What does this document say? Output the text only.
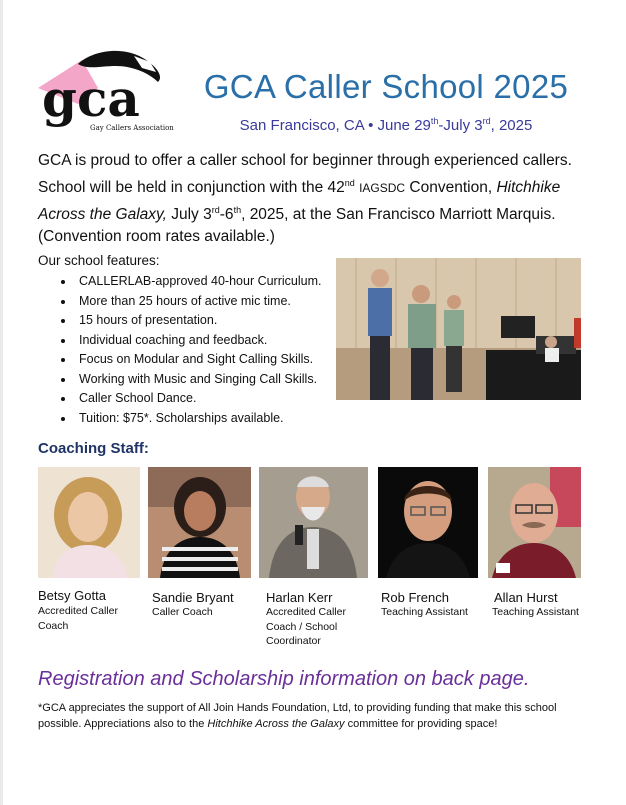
gca
Gay Callers Association
GCA Caller School 2025
San Francisco, CA • June 29th-July 3rd, 2025
GCA is proud to offer a caller school for beginner through experienced callers. School will be held in conjunction with the 42nd IAGSDC Convention, Hitchhike Across the Galaxy, July 3rd-6th, 2025, at the San Francisco Marriott Marquis. (Convention room rates available.)
Our school features:
• CALLERLAB-approved 40-hour Curriculum.
• More than 25 hours of active mic time.
• 15 hours of presentation.
• Individual coaching and feedback.
• Focus on Modular and Sight Calling Skills.
• Working with Music and Singing Call Skills.
• Caller School Dance.
• Tuition: $75*. Scholarships available.
Coaching Staff:
Betsy Gotta
Accredited Caller Coach
Sandie Bryant
Caller Coach
Harlan Kerr
Accredited Caller Coach / School Coordinator
Rob French
Teaching Assistant
Allan Hurst
Teaching Assistant
Registration and Scholarship information on back page.
*GCA appreciates the support of All Join Hands Foundation, Ltd, to providing funding that make this school possible. Appreciations also to the Hitchhike Across the Galaxy committee for providing space!
